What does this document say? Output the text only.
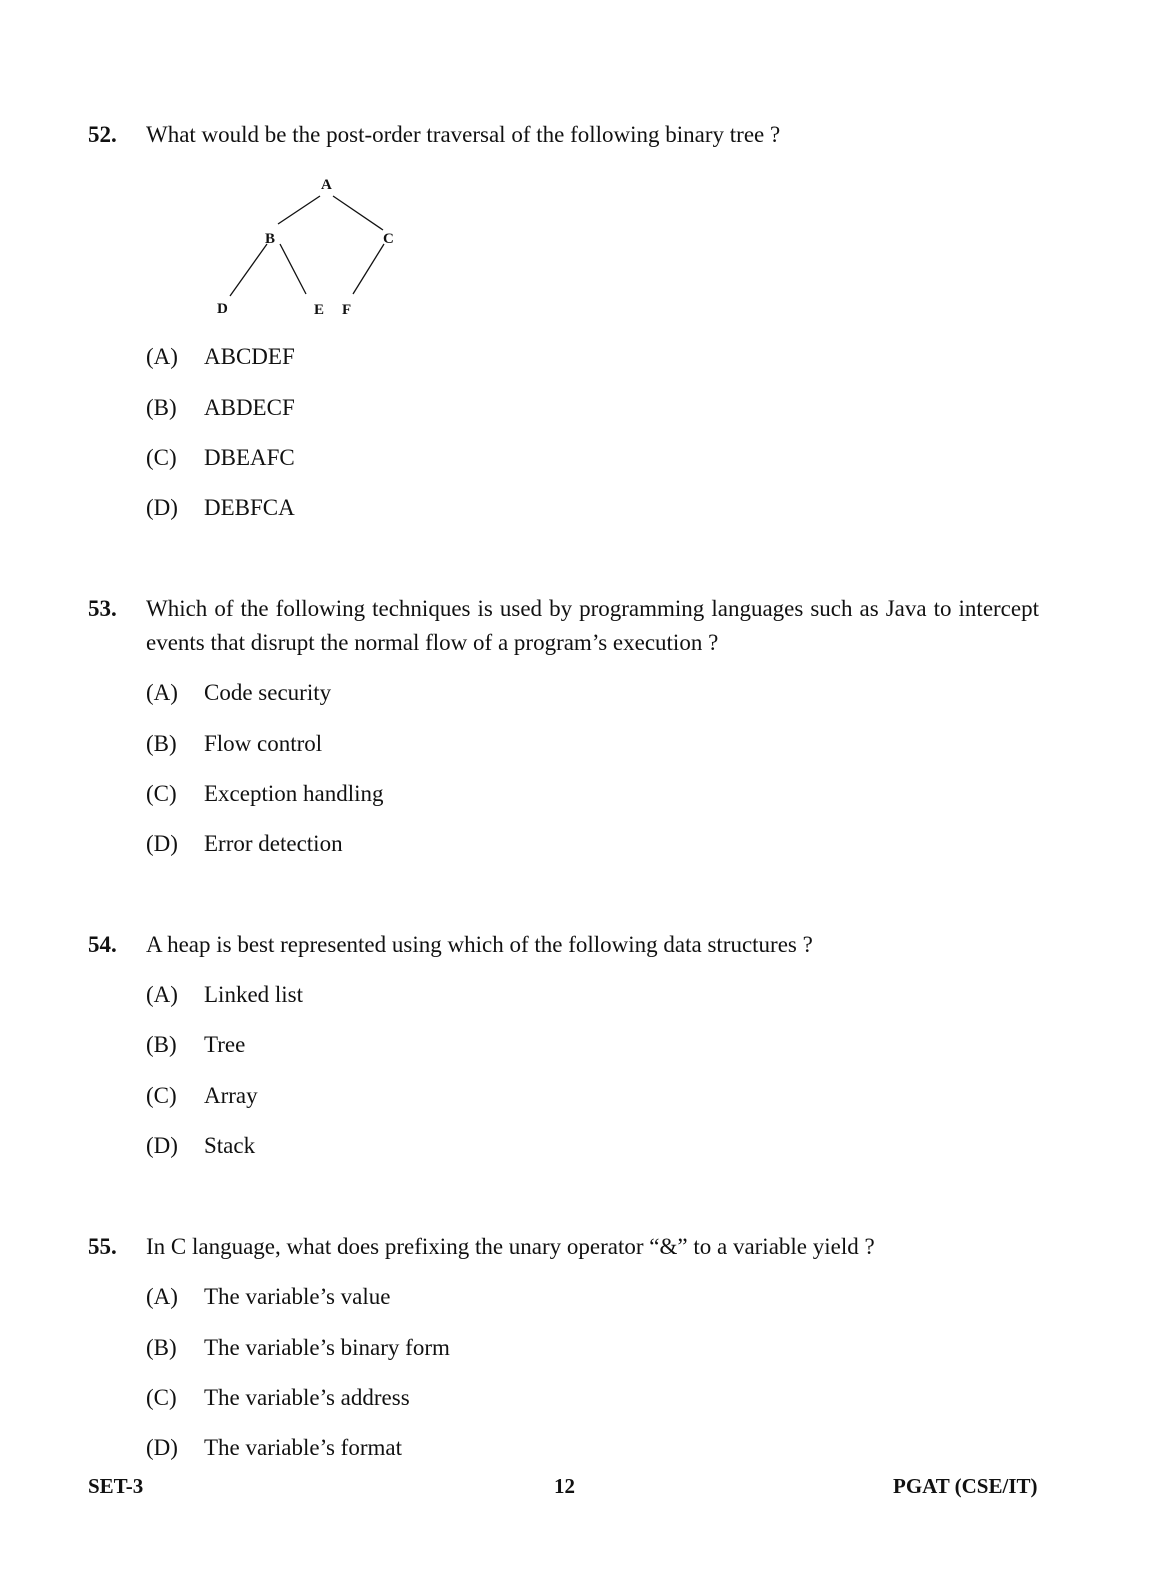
52. What would be the post-order traversal of the following binary tree ?
A
B	C
D	E F
(A) ABCDEF
(B) ABDECF
(C) DBEAFC
(D) DEBFCA
53. Which of the following techniques is used by programming languages such as Java to intercept events that disrupt the normal flow of a program’s execution ?
(A) Code security
(B) Flow control
(C) Exception handling
(D) Error detection
54. A heap is best represented using which of the following data structures ?
(A) Linked list
(B) Tree
(C) Array
(D) Stack
55. In C language, what does prefixing the unary operator “&” to a variable yield ?
(A) The variable’s value
(B) The variable’s binary form
(C) The variable’s address
(D) The variable’s format
SET-3	12	PGAT (CSE/IT)
